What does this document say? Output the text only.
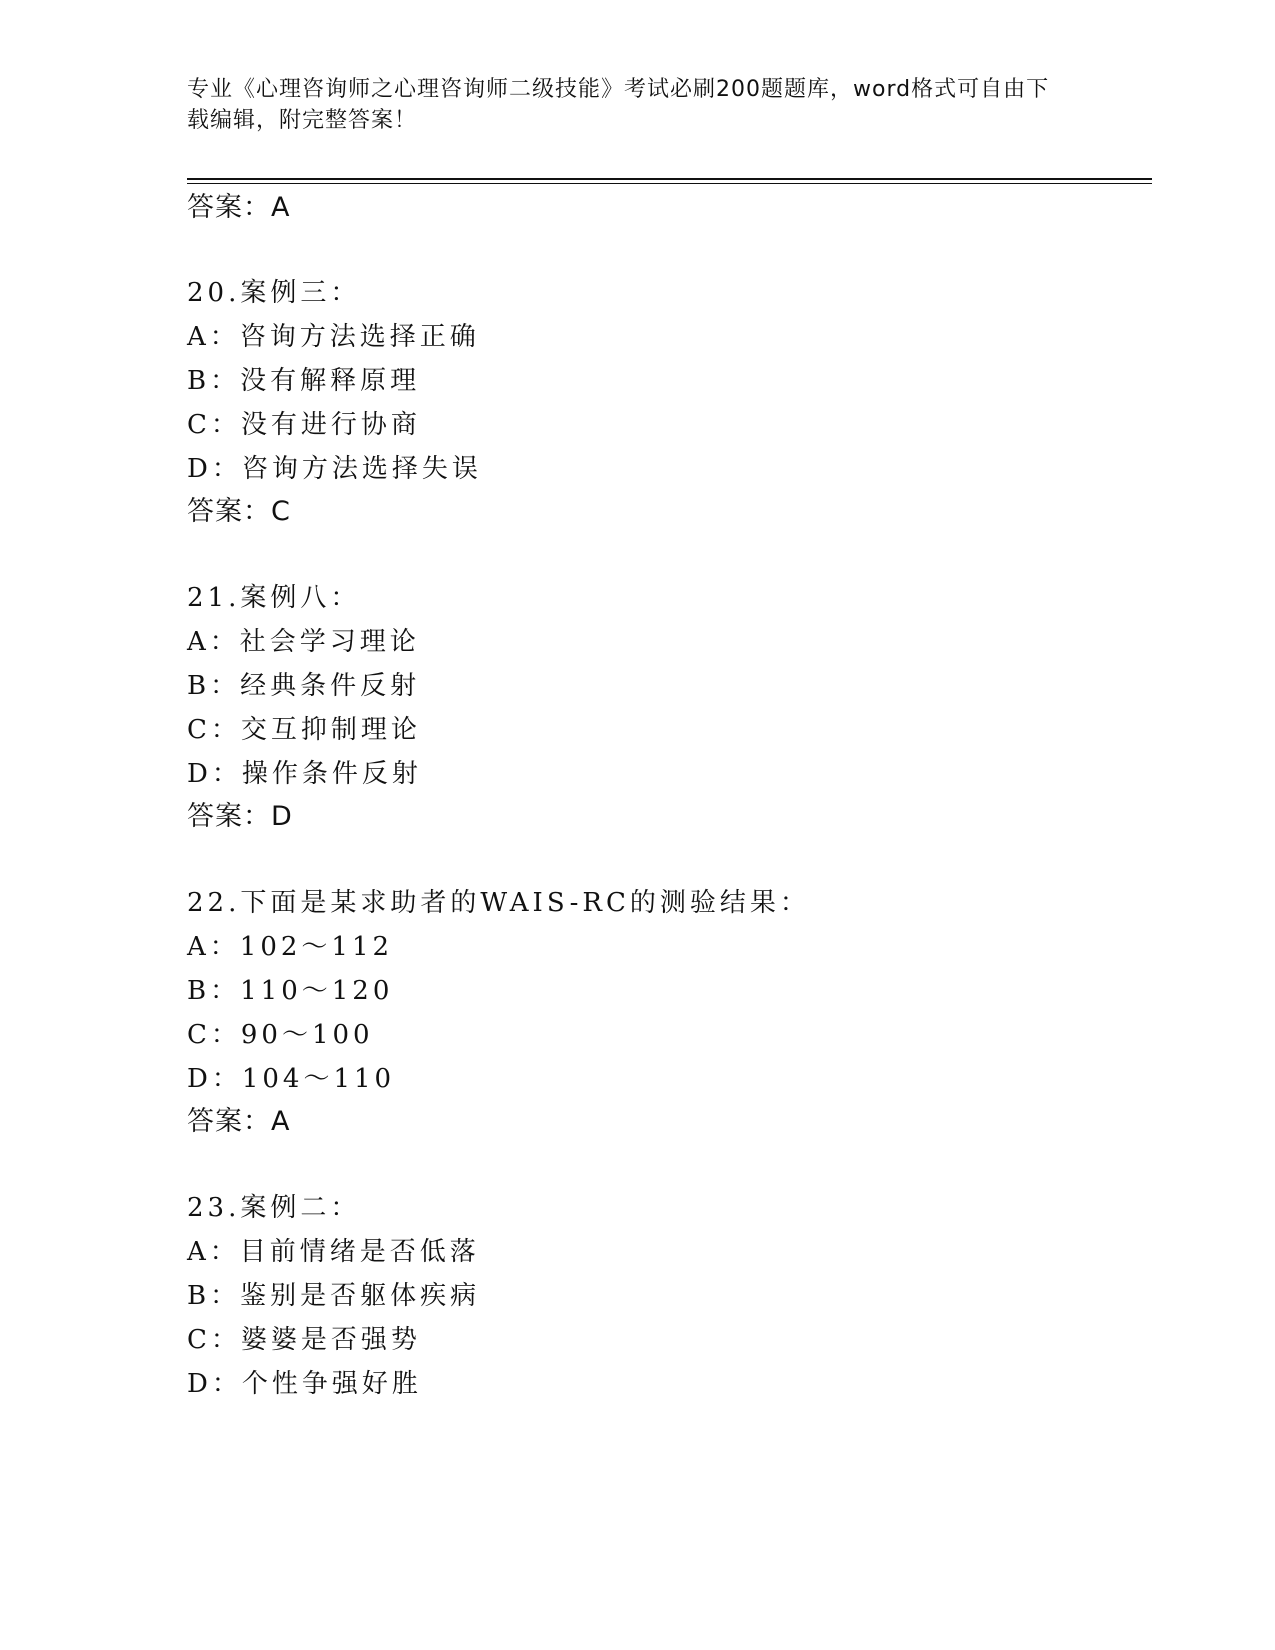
专业《心理咨询师之心理咨询师二级技能》考试必刷200题题库，word格式可自由下载编辑，附完整答案！
答案：A
20.案例三：
A：咨询方法选择正确
B：没有解释原理
C：没有进行协商
D：咨询方法选择失误
答案：C
21.案例八：
A：社会学习理论
B：经典条件反射
C：交互抑制理论
D：操作条件反射
答案：D
22.下面是某求助者的WAIS-RC的测验结果：
A：102～112
B：110～120
C：90～100
D：104～110
答案：A
23.案例二：
A：目前情绪是否低落
B：鉴别是否躯体疾病
C：婆婆是否强势
D：个性争强好胜
